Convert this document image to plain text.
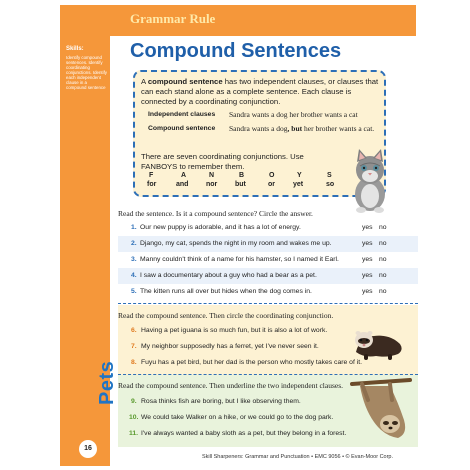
Grammar Rule
Skills:
Identify compound sentences. Identify coordinating conjunctions. Identify each independent clause in a compound sentence
Pets
16
Compound Sentences
A compound sentence has two independent clauses, or clauses that can each stand alone as a complete sentence. Each clause is connected by a coordinating conjunction.
Independent clauses Sandra wants a dog her brother wants a cat
Compound sentence Sandra wants a dog, but her brother wants a cat.
There are seven coordinating conjunctions. Use FANBOYS to remember them.
F	A	N	B	O	Y	S
for	and	nor	but	or	yet	so
Read the sentence. Is it a compound sentence? Circle the answer.
1. Our new puppy is adorable, and it has a lot of energy.	yes no
2. Django, my cat, spends the night in my room and wakes me up.	yes no
3. Manny couldn't think of a name for his hamster, so I named it Earl.	yes no
4. I saw a documentary about a guy who had a bear as a pet.	yes no
5. The kitten runs all over but hides when the dog comes in.	yes no
Read the compound sentence. Then circle the coordinating conjunction.
6. Having a pet iguana is so much fun, but it is also a lot of work.
7. My neighbor supposedly has a ferret, yet I've never seen it.
8. Fuyu has a pet bird, but her dad is the person who mostly takes care of it.
Read the compound sentence. Then underline the two independent clauses.
9. Rosa thinks fish are boring, but I like observing them.
10. We could take Walker on a hike, or we could go to the dog park.
11. I've always wanted a baby sloth as a pet, but they belong in a forest.
Skill Sharpeners: Grammar and Punctuation • EMC 9056 • © Evan-Moor Corp.
